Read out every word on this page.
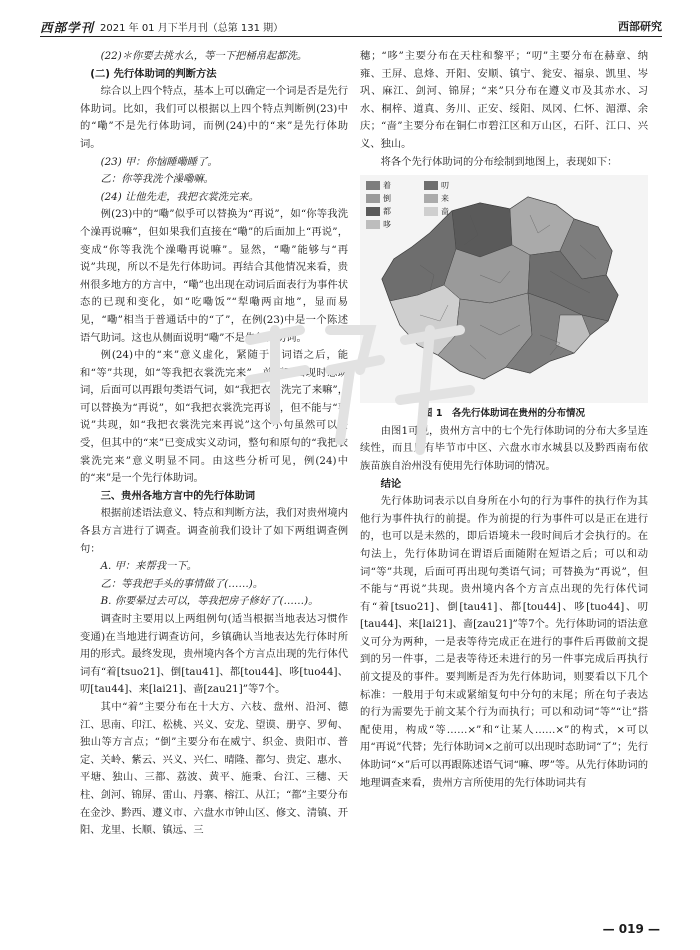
西部学刊 2021 年 01 月下半月刊（总第 131 期）	西部研究

(22)＊你要去挑水么，等一下把桶帛起都洗。

(二) 先行体助词的判断方法

综合以上四个特点，基本上可以确定一个词是否是先行体助词。比如，我们可以根据以上四个特点判断例(23)中的“嘞”不是先行体助词，而例(24)中的“来”是先行体助词。

(23) 甲：你恼睡嘞睡了。

乙：你等我洗个澡嘞嘛。

(24) 让他先走，我把衣裳洗完来。

例(23)中的“嘞”似乎可以替换为“再说”，如“你等我洗个澡再说嘛”，但如果我们直接在“嘞”的后面加上“再说”，变成“你等我洗个澡嘞再说嘛”。显然，“嘞”能够与“再说”共现，所以不是先行体助词。再结合其他情况来看，贵州很多地方的方言中，“嘞”也出现在动词后面表行为事件状态的已现和变化，如“吃嘞饭”“犁嘞两亩地”，显而易见，“嘞”相当于普通话中的“了”，在例(23)中是一个陈述语气助词。这也从侧面说明“嘞”不是先行体助词。

例(24)中的“来”意义虚化，紧随于谓词语之后，能和“等”共现，如“等我把衣裳洗完来”，前面可出现时态助词，后面可以再跟句类语气词，如“我把衣裳洗完了来嘛”，可以替换为“再说”，如“我把衣裳洗完再说”，但不能与“再说”共现，如“我把衣裳洗完来再说”这个小句虽然可以接受，但其中的“来”已变成实义动词，整句和原句的“我把衣裳洗完来”意义明显不同。由这些分析可见，例(24)中的“来”是一个先行体助词。

三、贵州各地方言中的先行体助词

根据前述语法意义、特点和判断方法，我们对贵州境内各县方言进行了调查。调查前我们设计了如下两组调查例句：

A. 甲：来帮我一下。

乙：等我把手头的事情做了(……)。

B. 你要晕过去可以，等我把房子修好了(……)。

调查时主要用以上两组例句(适当根据当地表达习惯作变通)在当地进行调查访问，乡镇确认当地表达先行体时所用的形式。最终发现，贵州境内各个方言点出现的先行体代词有“着[tsuo21]、倒[tau41]、都[tou44]、哆[tuo44]、叨[tau44]、来[lai21]、啬[zau21]”等7个。

其中“着”主要分布在十大方、六枝、盘州、沿河、德江、思南、印江、松桃、兴义、安龙、望谟、册亨、罗甸、独山等方言点；“倒”主要分布在威宁、织金、贵阳市、普定、关岭、紫云、兴义、兴仁、晴隆、都匀、贵定、惠水、平塘、独山、三都、荔波、黄平、施秉、台江、三穗、天柱、剑河、锦屏、雷山、丹寨、榕江、从江；“都”主要分布在金沙、黔西、遵义市、六盘水市钟山区、修文、清镇、开阳、龙里、长顺、镇远、三

穗；“哆”主要分布在天柱和黎平；“叨”主要分布在赫章、纳雍、王屏、息烽、开阳、安顺、镇宁、瓮安、福泉、凯里、岑巩、麻江、剑河、锦屏；“来”只分布在遵义市及其赤水、习水、桐梓、道真、务川、正安、绥阳、凤冈、仁怀、湄潭、余庆；“啬”主要分布在铜仁市碧江区和万山区，石阡、江口、兴义、独山。

将各个先行体助词的分布绘制到地图上，表现如下：

着
倒
都
哆
叨
来
啬

图 1　各先行体助词在贵州的分布情况

由图1可见，贵州方言中的七个先行体助词的分布大多呈连续性，而且只有毕节市中区、六盘水市水城县以及黔西南布依族苗族自治州没有使用先行体助词的情况。

结论

先行体助词表示以自身所在小句的行为事件的执行作为其他行为事件执行的前提。作为前提的行为事件可以是正在进行的，也可以是未然的，即后语境未一段时间后才会执行的。在句法上，先行体助词在谓语后面随附在短语之后；可以和动词“等”共现，后面可再出现句类语气词；可替换为“再说”，但不能与“再说”共现。贵州境内各个方言点出现的先行体代词有“着[tsuo21]、倒[tau41]、都[tou44]、哆[tuo44]、叨[tau44]、来[lai21]、啬[zau21]”等7个。先行体助词的语法意义可分为两种，一是表等待完成正在进行的事件后再做前文提到的另一件事，二是表等待还未进行的另一件事完成后再执行前文提及的事件。要判断是否为先行体助词，则要看以下几个标准：一般用于句末或紧缩复句中分句的末尾；所在句子表达的行为需要先于前文某个行为而执行；可以和动词“等”“让”搭配使用，构成“等……×”和“让某人……×”的构式，×可以用“再说”代替；先行体助词×之前可以出现时态助词“了”；先行体助词“×”后可以再跟陈述语气词“嘛、啰”等。从先行体助词的地理调查来看，贵州方言所使用的先行体助词共有

— 019 —
